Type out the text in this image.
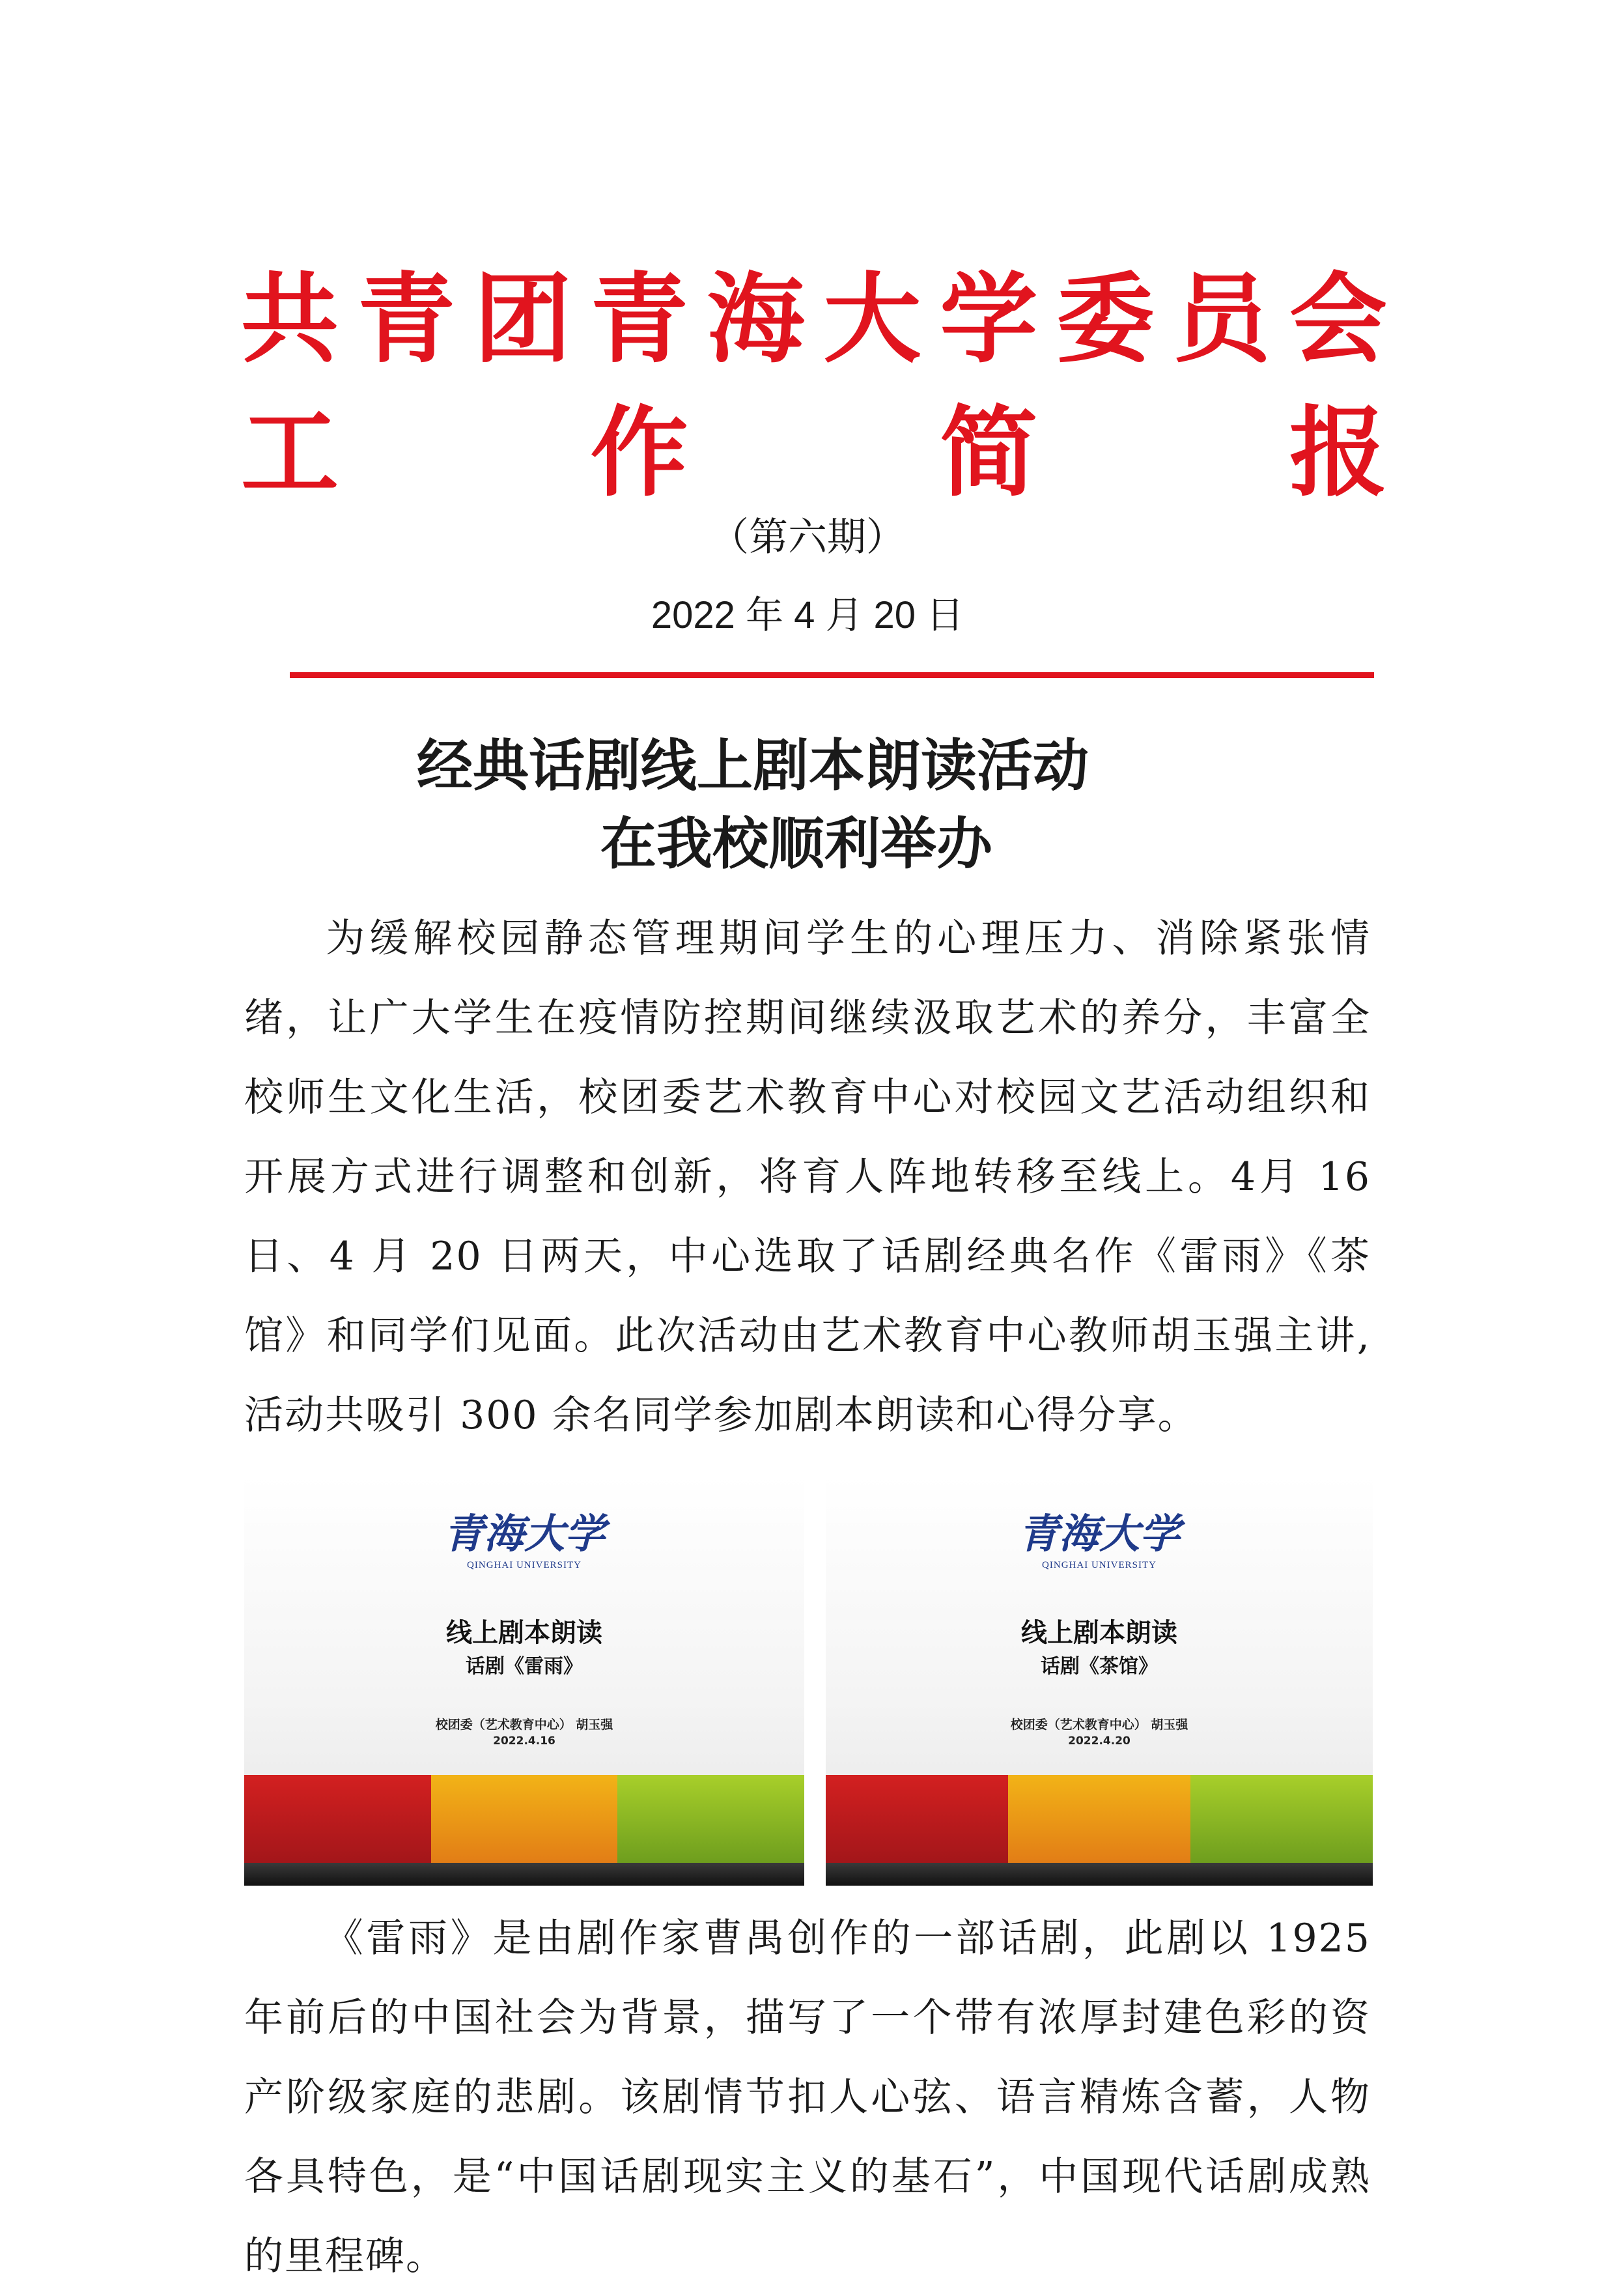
共 青 团 青 海 大 学 委 员 会
工	作	简	报
（第六期）
2022 年 4 月 20 日
经典话剧线上剧本朗读活动
在我校顺利举办

为缓解校园静态管理期间学生的心理压力、消除紧张情绪，让广大学生在疫情防控期间继续汲取艺术的养分，丰富全校师生文化生活，校团委艺术教育中心对校园文艺活动组织和开展方式进行调整和创新，将育人阵地转移至线上。4月 16 日、4 月 20 日两天，中心选取了话剧经典名作《雷雨》《茶馆》和同学们见面。此次活动由艺术教育中心教师胡玉强主讲,活动共吸引 300 余名同学参加剧本朗读和心得分享。

青海大学
QINGHAI UNIVERSITY
线上剧本朗读
话剧《雷雨》
校团委（艺术教育中心） 胡玉强
2022.4.16
青海大学
QINGHAI UNIVERSITY
线上剧本朗读
话剧《茶馆》
校团委（艺术教育中心） 胡玉强
2022.4.20

《雷雨》是由剧作家曹禺创作的一部话剧，此剧以 1925 年前后的中国社会为背景，描写了一个带有浓厚封建色彩的资产阶级家庭的悲剧。该剧情节扣人心弦、语言精炼含蓄，人物各具特色，是“中国话剧现实主义的基石”，中国现代话剧成熟的里程碑。
